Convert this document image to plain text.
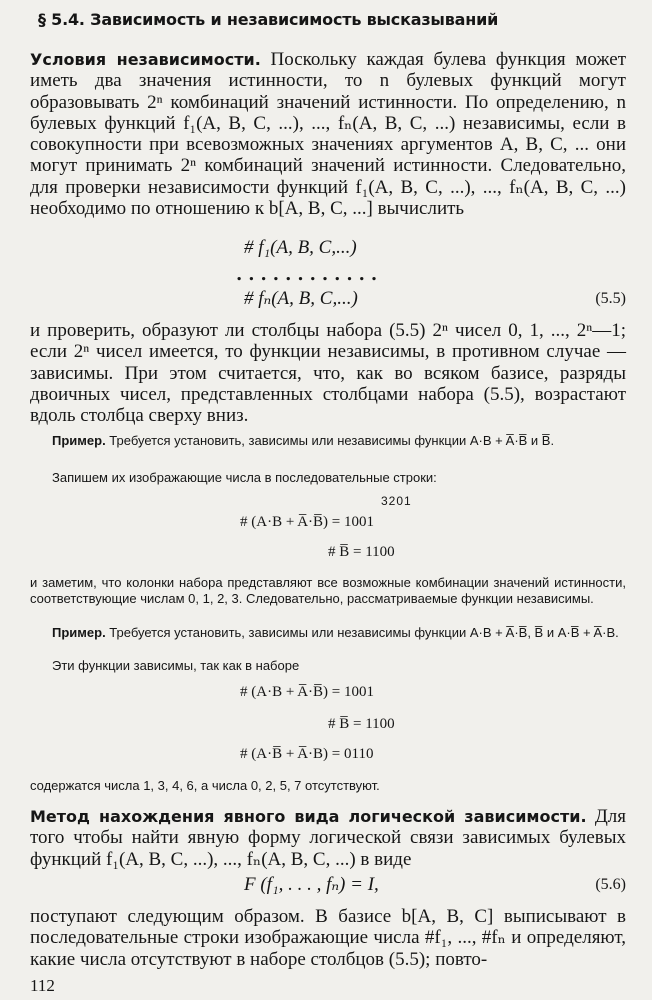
§ 5.4. Зависимость и независимость высказываний

Условия независимости. Поскольку каждая булева функция может иметь два значения истинности, то n булевых функций могут образовывать 2ⁿ комбинаций значений истинности. По определению, n булевых функций f₁(A, B, C, ...), ..., fₙ(A, B, C, ...) независимы, если в совокупности при всевозможных значениях аргументов A, B, C, ... они могут принимать 2ⁿ комбинаций значений истинности. Следовательно, для проверки независимости функций f₁(A, B, C, ...), ..., fₙ(A, B, C, ...) необходимо по отношению к b[A, B, C, ...] вычислить

# f₁(A, B, C,...)
............
# fₙ(A, B, C,...)	(5.5)

и проверить, образуют ли столбцы набора (5.5) 2ⁿ чисел 0, 1, ..., 2ⁿ—1; если 2ⁿ чисел имеется, то функции независимы, в противном случае — зависимы. При этом считается, что, как во всяком базисе, разряды двоичных чисел, представленных столбцами набора (5.5), возрастают вдоль столбца сверху вниз.

Пример. Требуется установить, зависимы или независимы функции A·B + A̅·B̅ и B̅.

Запишем их изображающие числа в последовательные строки:

3201
# (A·B + A̅·B̅) = 1001
# B̅ = 1100

и заметим, что колонки набора представляют все возможные комбинации значений истинности, соответствующие числам 0, 1, 2, 3. Следовательно, рассматриваемые функции независимы.

Пример. Требуется установить, зависимы или независимы функции A·B + A̅·B̅, B̅ и A·B̅ + A̅·B.

Эти функции зависимы, так как в наборе

# (A·B + A̅·B̅) = 1001
# B̅ = 1100
# (A·B̅ + A̅·B) = 0110

содержатся числа 1, 3, 4, 6, а числа 0, 2, 5, 7 отсутствуют.

Метод нахождения явного вида логической зависимости. Для того чтобы найти явную форму логической связи зависимых булевых функций f₁(A, B, C, ...), ..., fₙ(A, B, C, ...) в виде

F (f₁, . . . , fₙ) = I,	(5.6)

поступают следующим образом. В базисе b[A, B, C] выписывают в последовательные строки изображающие числа #f₁, ..., #fₙ и определяют, какие числа отсутствуют в наборе столбцов (5.5); повто-

112
